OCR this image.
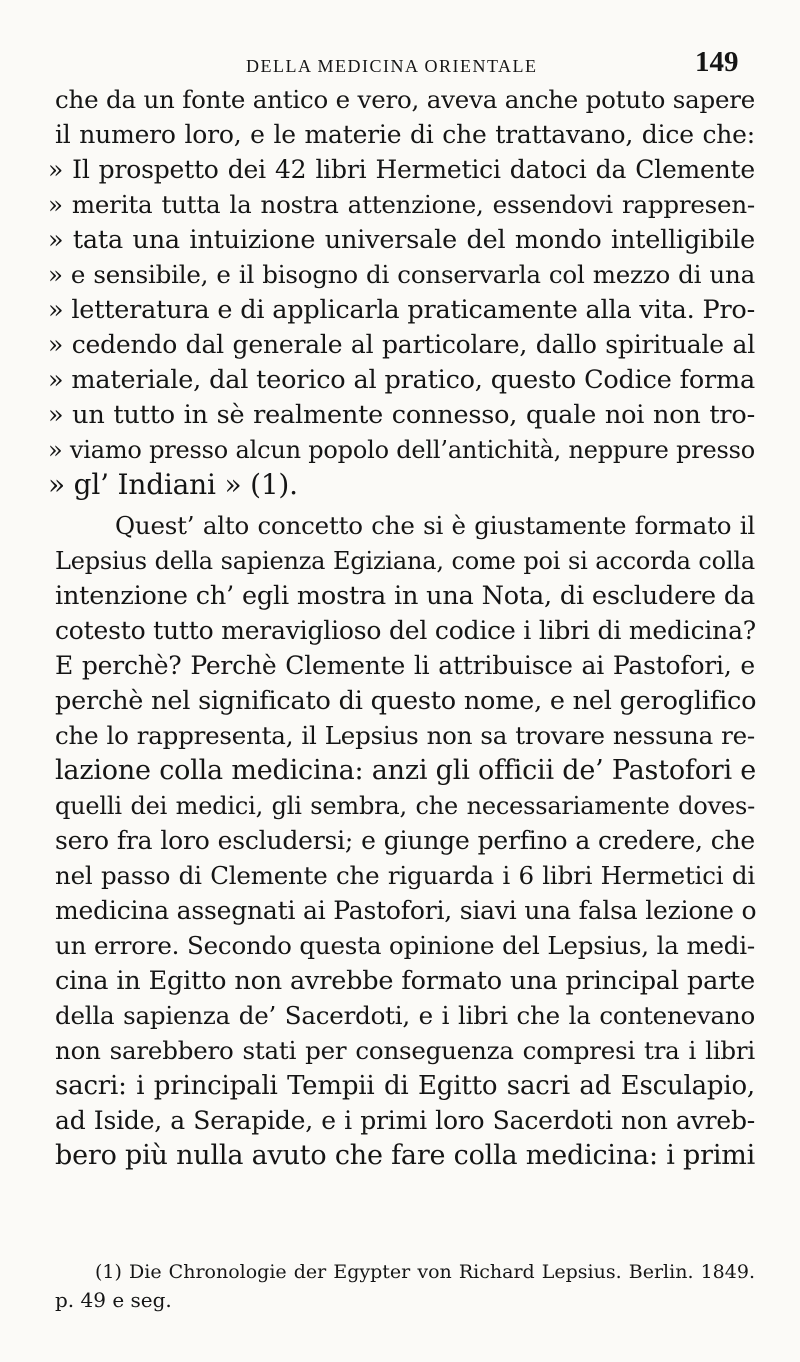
DELLA MEDICINA ORIENTALE	149
che da un fonte antico e vero, aveva anche potuto sapere
il numero loro, e le materie di che trattavano, dice che:
» Il prospetto dei 42 libri Hermetici datoci da Clemente
» merita tutta la nostra attenzione, essendovi rappresen-
» tata una intuizione universale del mondo intelligibile
» e sensibile, e il bisogno di conservarla col mezzo di una
» letteratura e di applicarla praticamente alla vita. Pro-
» cedendo dal generale al particolare, dallo spirituale al
» materiale, dal teorico al pratico, questo Codice forma
» un tutto in sè realmente connesso, quale noi non tro-
» viamo presso alcun popolo dell’antichità, neppure presso
» gl’ Indiani » (1).
Quest’ alto concetto che si è giustamente formato il
Lepsius della sapienza Egiziana, come poi si accorda colla
intenzione ch’ egli mostra in una Nota, di escludere da
cotesto tutto meraviglioso del codice i libri di medicina?
E perchè? Perchè Clemente li attribuisce ai Pastofori, e
perchè nel significato di questo nome, e nel geroglifico
che lo rappresenta, il Lepsius non sa trovare nessuna re-
lazione colla medicina: anzi gli officii de’ Pastofori e
quelli dei medici, gli sembra, che necessariamente doves-
sero fra loro escludersi; e giunge perfino a credere, che
nel passo di Clemente che riguarda i 6 libri Hermetici di
medicina assegnati ai Pastofori, siavi una falsa lezione o
un errore. Secondo questa opinione del Lepsius, la medi-
cina in Egitto non avrebbe formato una principal parte
della sapienza de’ Sacerdoti, e i libri che la contenevano
non sarebbero stati per conseguenza compresi tra i libri
sacri: i principali Tempii di Egitto sacri ad Esculapio,
ad Iside, a Serapide, e i primi loro Sacerdoti non avreb-
bero più nulla avuto che fare colla medicina: i primi
(1) Die Chronologie der Egypter von Richard Lepsius. Berlin. 1849.
p. 49 e seg.
